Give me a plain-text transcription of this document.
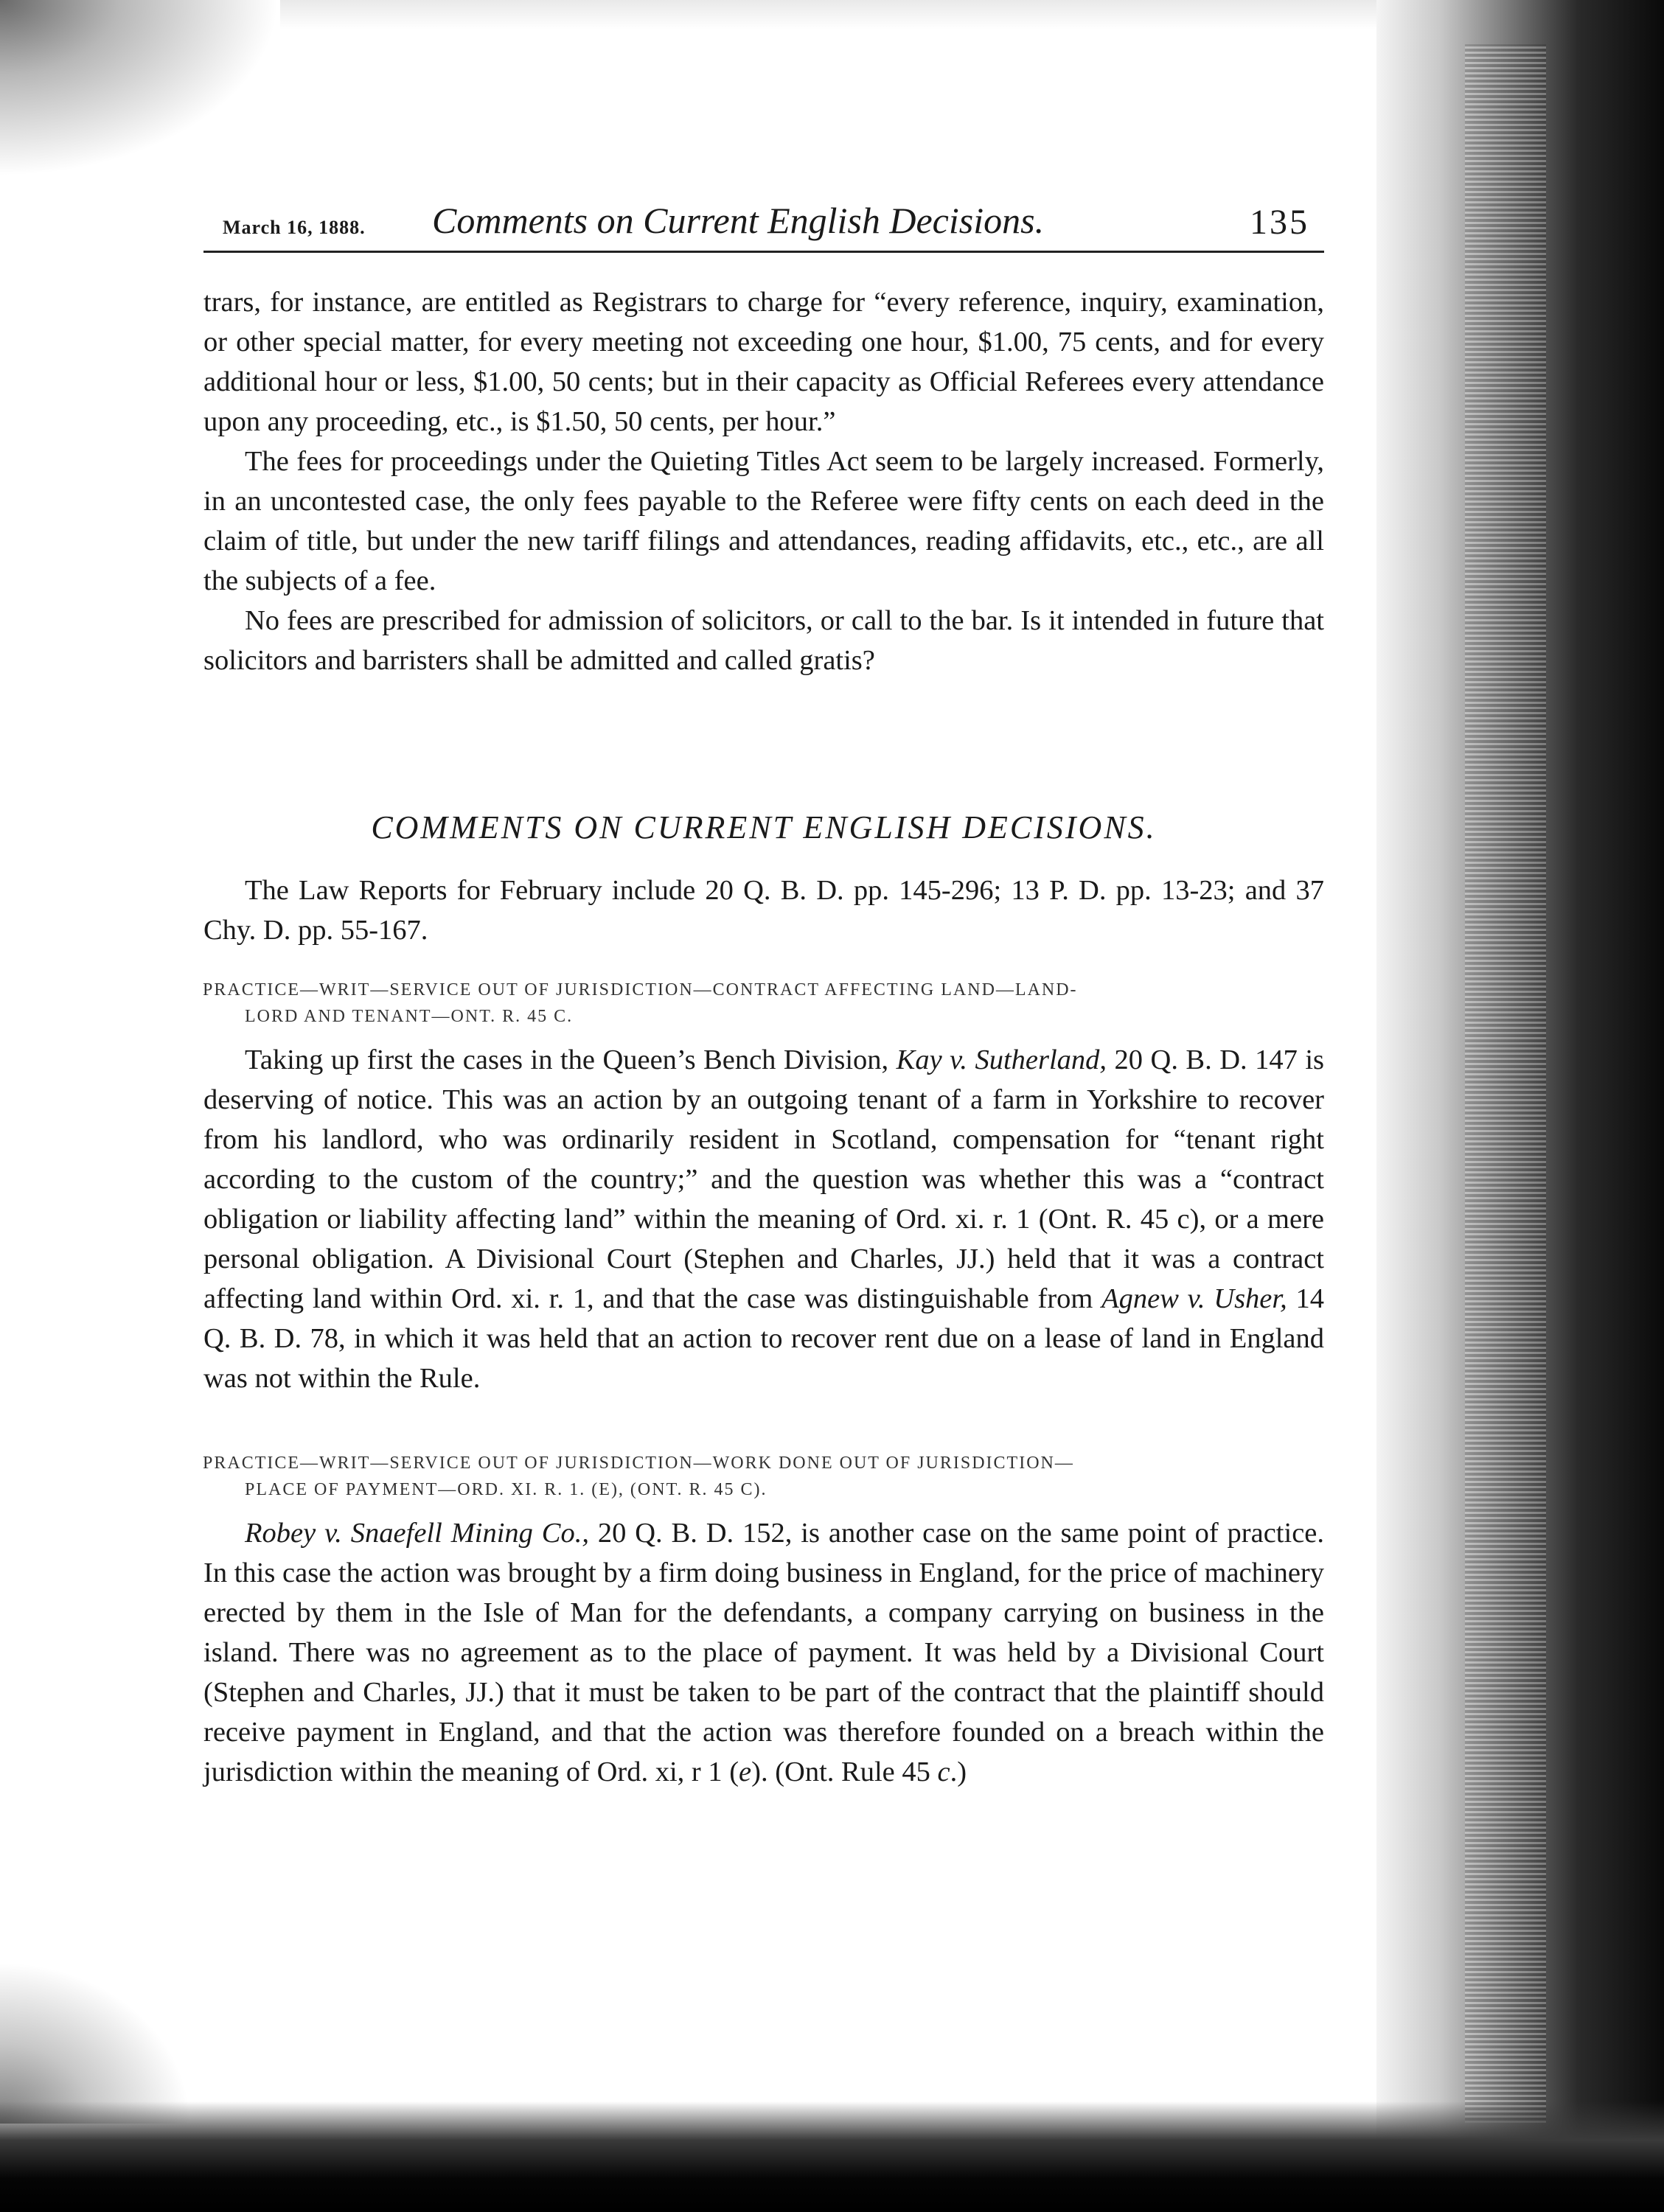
March 16, 1888. Comments on Current English Decisions.	135

trars, for instance, are entitled as Registrars to charge for “every reference, inquiry, examination, or other special matter, for every meeting not exceeding one hour, $1.00, 75 cents, and for every additional hour or less, $1.00, 50 cents; but in their capacity as Official Referees every attendance upon any proceeding, etc., is $1.50, 50 cents, per hour.”

The fees for proceedings under the Quieting Titles Act seem to be largely increased. Formerly, in an uncontested case, the only fees payable to the Referee were fifty cents on each deed in the claim of title, but under the new tariff filings and attendances, reading affidavits, etc., etc., are all the subjects of a fee.

No fees are prescribed for admission of solicitors, or call to the bar. Is it intended in future that solicitors and barristers shall be admitted and called gratis?

COMMENTS ON CURRENT ENGLISH DECISIONS.

The Law Reports for February include 20 Q. B. D. pp. 145-296; 13 P. D. pp. 13-23; and 37 Chy. D. pp. 55-167.

PRACTICE—WRIT—SERVICE OUT OF JURISDICTION—CONTRACT AFFECTING LAND—LAND-
LORD AND TENANT—ONT. R. 45 C.

Taking up first the cases in the Queen’s Bench Division, Kay v. Sutherland, 20 Q. B. D. 147 is deserving of notice. This was an action by an outgoing tenant of a farm in Yorkshire to recover from his landlord, who was ordinarily resident in Scotland, compensation for “tenant right according to the custom of the country;” and the question was whether this was a “contract obligation or liability affecting land” within the meaning of Ord. xi. r. 1 (Ont. R. 45 c), or a mere personal obligation. A Divisional Court (Stephen and Charles, JJ.) held that it was a contract affecting land within Ord. xi. r. 1, and that the case was distinguishable from Agnew v. Usher, 14 Q. B. D. 78, in which it was held that an action to recover rent due on a lease of land in England was not within the Rule.

PRACTICE—WRIT—SERVICE OUT OF JURISDICTION—WORK DONE OUT OF JURISDICTION—
PLACE OF PAYMENT—ORD. XI. R. 1. (E), (ONT. R. 45 C).

Robey v. Snaefell Mining Co., 20 Q. B. D. 152, is another case on the same point of practice. In this case the action was brought by a firm doing business in England, for the price of machinery erected by them in the Isle of Man for the defendants, a company carrying on business in the island. There was no agreement as to the place of payment. It was held by a Divisional Court (Stephen and Charles, JJ.) that it must be taken to be part of the contract that the plaintiff should receive payment in England, and that the action was therefore founded on a breach within the jurisdiction within the meaning of Ord. xi, r 1 (e). (Ont. Rule 45 c.)
